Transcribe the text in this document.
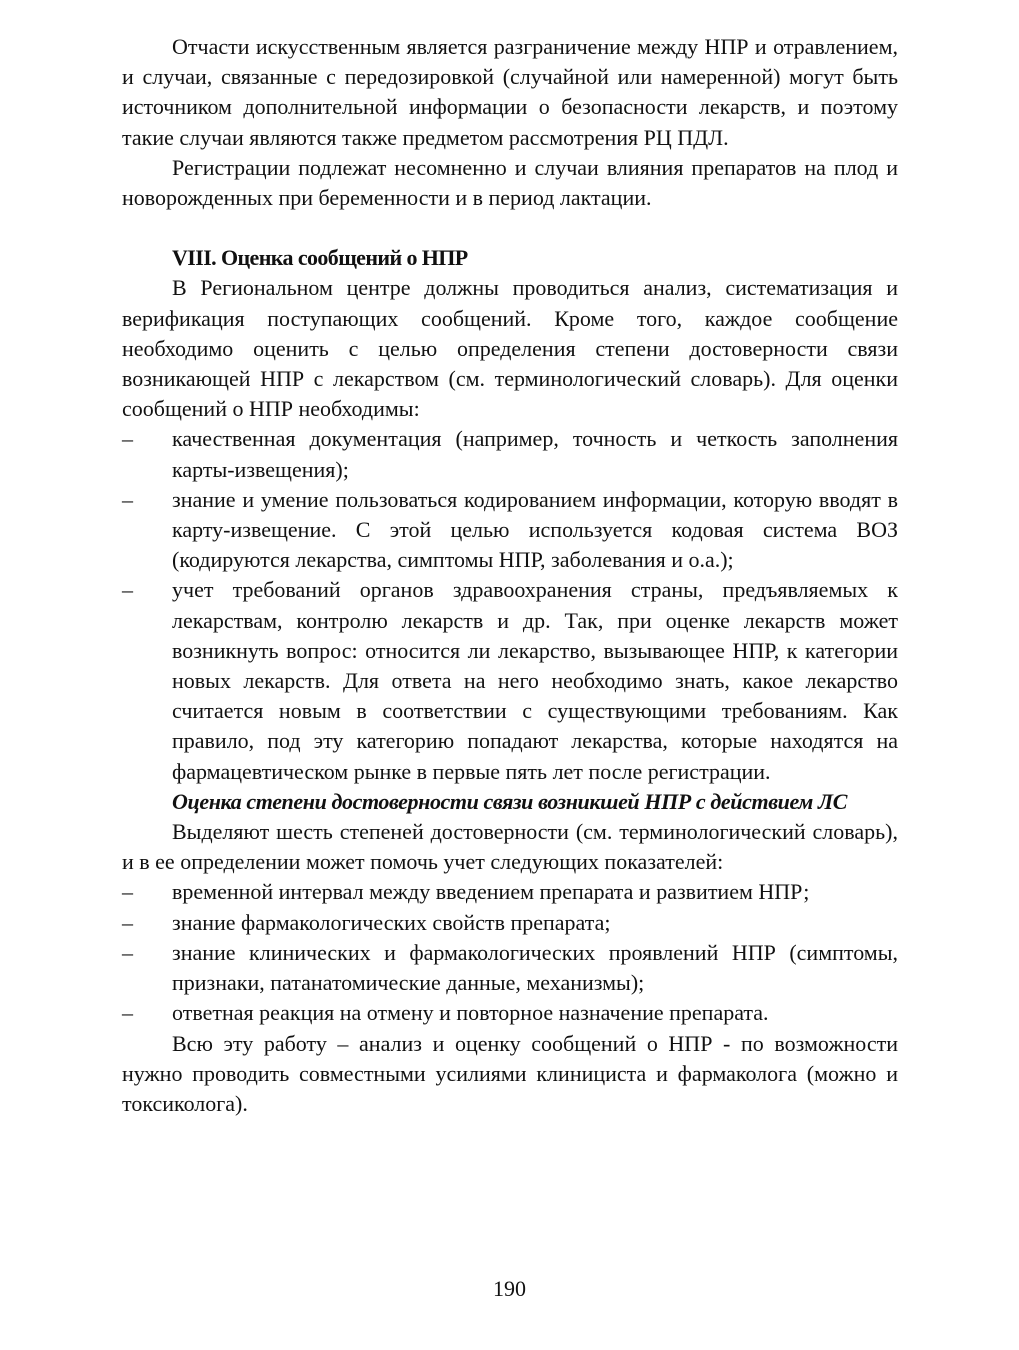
Отчасти искусственным является разграничение между НПР и отравлением, и случаи, связанные с передозировкой (случайной или намеренной) могут быть источником дополнительной информации о безопасности лекарств, и поэтому такие случаи являются также предметом рассмотрения РЦ ПДЛ.

Регистрации подлежат несомненно и случаи влияния препаратов на плод и новорожденных при беременности и в период лактации.

VIII. Оценка сообщений о НПР

В Региональном центре должны проводиться анализ, систематизация и верификация поступающих сообщений. Кроме того, каждое сообщение необходимо оценить с целью определения степени достоверности связи возникающей НПР с лекарством (см. терминологический словарь). Для оценки сообщений о НПР необходимы:

– качественная документация (например, точность и четкость заполнения карты-извещения);
– знание и умение пользоваться кодированием информации, которую вводят в карту-извещение. С этой целью используется кодовая система ВОЗ (кодируются лекарства, симптомы НПР, заболевания и о.а.);
– учет требований органов здравоохранения страны, предъявляемых к лекарствам, контролю лекарств и др. Так, при оценке лекарств может возникнуть вопрос: относится ли лекарство, вызывающее НПР, к категории новых лекарств. Для ответа на него необходимо знать, какое лекарство считается новым в соответствии с существующими требованиям. Как правило, под эту категорию попадают лекарства, которые находятся на фармацевтическом рынке в первые пять лет после регистрации.

Оценка степени достоверности связи возникшей НПР с действием ЛС

Выделяют шесть степеней достоверности (см. терминологический словарь), и в ее определении может помочь учет следующих показателей:

– временной интервал между введением препарата и развитием НПР;
– знание фармакологических свойств препарата;
– знание клинических и фармакологических проявлений НПР (симптомы, признаки, патанатомические данные, механизмы);
– ответная реакция на отмену и повторное назначение препарата.

Всю эту работу – анализ и оценку сообщений о НПР - по возможности нужно проводить совместными усилиями клинициста и фармаколога (можно и токсиколога).

190
